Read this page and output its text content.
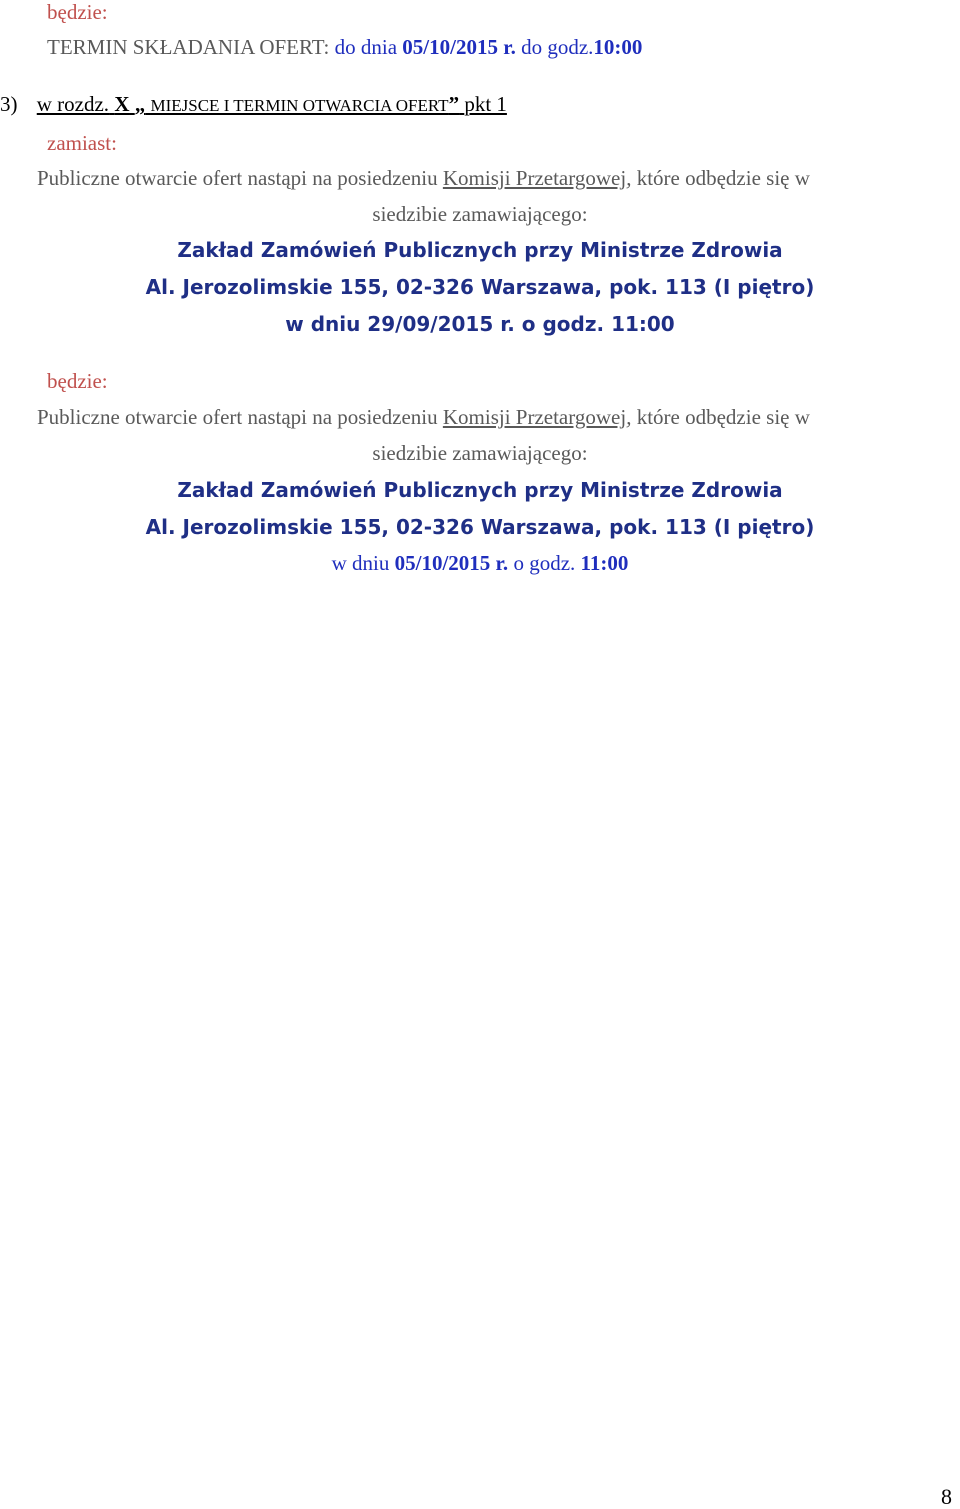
będzie:
TERMIN SKŁADANIA OFERT: do dnia 05/10/2015 r. do godz.10:00
3) w rozdz. X „ MIEJSCE I TERMIN OTWARCIA OFERT” pkt 1
zamiast:
Publiczne otwarcie ofert nastąpi na posiedzeniu Komisji Przetargowej, które odbędzie się w
siedzibie zamawiającego:
Zakład Zamówień Publicznych przy Ministrze Zdrowia
Al. Jerozolimskie 155, 02-326 Warszawa, pok. 113 (I piętro)
w dniu 29/09/2015 r. o godz. 11:00
będzie:
Publiczne otwarcie ofert nastąpi na posiedzeniu Komisji Przetargowej, które odbędzie się w
siedzibie zamawiającego:
Zakład Zamówień Publicznych przy Ministrze Zdrowia
Al. Jerozolimskie 155, 02-326 Warszawa, pok. 113 (I piętro)
w dniu 05/10/2015 r. o godz. 11:00
8
